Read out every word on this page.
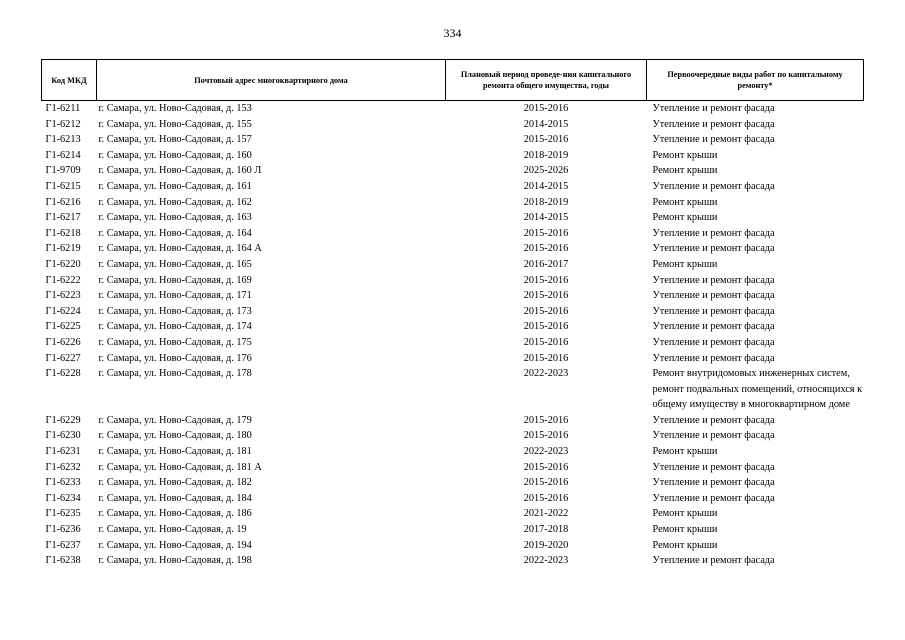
334
Код МКД	Почтовый адрес многоквартирного дома	Плановый период проведе-ния капитального ремонта общего имущества, годы	Первоочередные виды работ по капитальному ремонту*
Г1-6211	г. Самара, ул. Ново-Садовая, д. 153	2015-2016	Утепление и ремонт фасада
Г1-6212	г. Самара, ул. Ново-Садовая, д. 155	2014-2015	Утепление и ремонт фасада
Г1-6213	г. Самара, ул. Ново-Садовая, д. 157	2015-2016	Утепление и ремонт фасада
Г1-6214	г. Самара, ул. Ново-Садовая, д. 160	2018-2019	Ремонт крыши
Г1-9709	г. Самара, ул. Ново-Садовая, д. 160 Л	2025-2026	Ремонт крыши
Г1-6215	г. Самара, ул. Ново-Садовая, д. 161	2014-2015	Утепление и ремонт фасада
Г1-6216	г. Самара, ул. Ново-Садовая, д. 162	2018-2019	Ремонт крыши
Г1-6217	г. Самара, ул. Ново-Садовая, д. 163	2014-2015	Ремонт крыши
Г1-6218	г. Самара, ул. Ново-Садовая, д. 164	2015-2016	Утепление и ремонт фасада
Г1-6219	г. Самара, ул. Ново-Садовая, д. 164 А	2015-2016	Утепление и ремонт фасада
Г1-6220	г. Самара, ул. Ново-Садовая, д. 165	2016-2017	Ремонт крыши
Г1-6222	г. Самара, ул. Ново-Садовая, д. 169	2015-2016	Утепление и ремонт фасада
Г1-6223	г. Самара, ул. Ново-Садовая, д. 171	2015-2016	Утепление и ремонт фасада
Г1-6224	г. Самара, ул. Ново-Садовая, д. 173	2015-2016	Утепление и ремонт фасада
Г1-6225	г. Самара, ул. Ново-Садовая, д. 174	2015-2016	Утепление и ремонт фасада
Г1-6226	г. Самара, ул. Ново-Садовая, д. 175	2015-2016	Утепление и ремонт фасада
Г1-6227	г. Самара, ул. Ново-Садовая, д. 176	2015-2016	Утепление и ремонт фасада
Г1-6228	г. Самара, ул. Ново-Садовая, д. 178	2022-2023	Ремонт внутридомовых инженерных систем, ремонт подвальных помещений, относящихся к общему имуществу в многоквартирном доме
Г1-6229	г. Самара, ул. Ново-Садовая, д. 179	2015-2016	Утепление и ремонт фасада
Г1-6230	г. Самара, ул. Ново-Садовая, д. 180	2015-2016	Утепление и ремонт фасада
Г1-6231	г. Самара, ул. Ново-Садовая, д. 181	2022-2023	Ремонт крыши
Г1-6232	г. Самара, ул. Ново-Садовая, д. 181 А	2015-2016	Утепление и ремонт фасада
Г1-6233	г. Самара, ул. Ново-Садовая, д. 182	2015-2016	Утепление и ремонт фасада
Г1-6234	г. Самара, ул. Ново-Садовая, д. 184	2015-2016	Утепление и ремонт фасада
Г1-6235	г. Самара, ул. Ново-Садовая, д. 186	2021-2022	Ремонт крыши
Г1-6236	г. Самара, ул. Ново-Садовая, д. 19	2017-2018	Ремонт крыши
Г1-6237	г. Самара, ул. Ново-Садовая, д. 194	2019-2020	Ремонт крыши
Г1-6238	г. Самара, ул. Ново-Садовая, д. 198	2022-2023	Утепление и ремонт фасада
